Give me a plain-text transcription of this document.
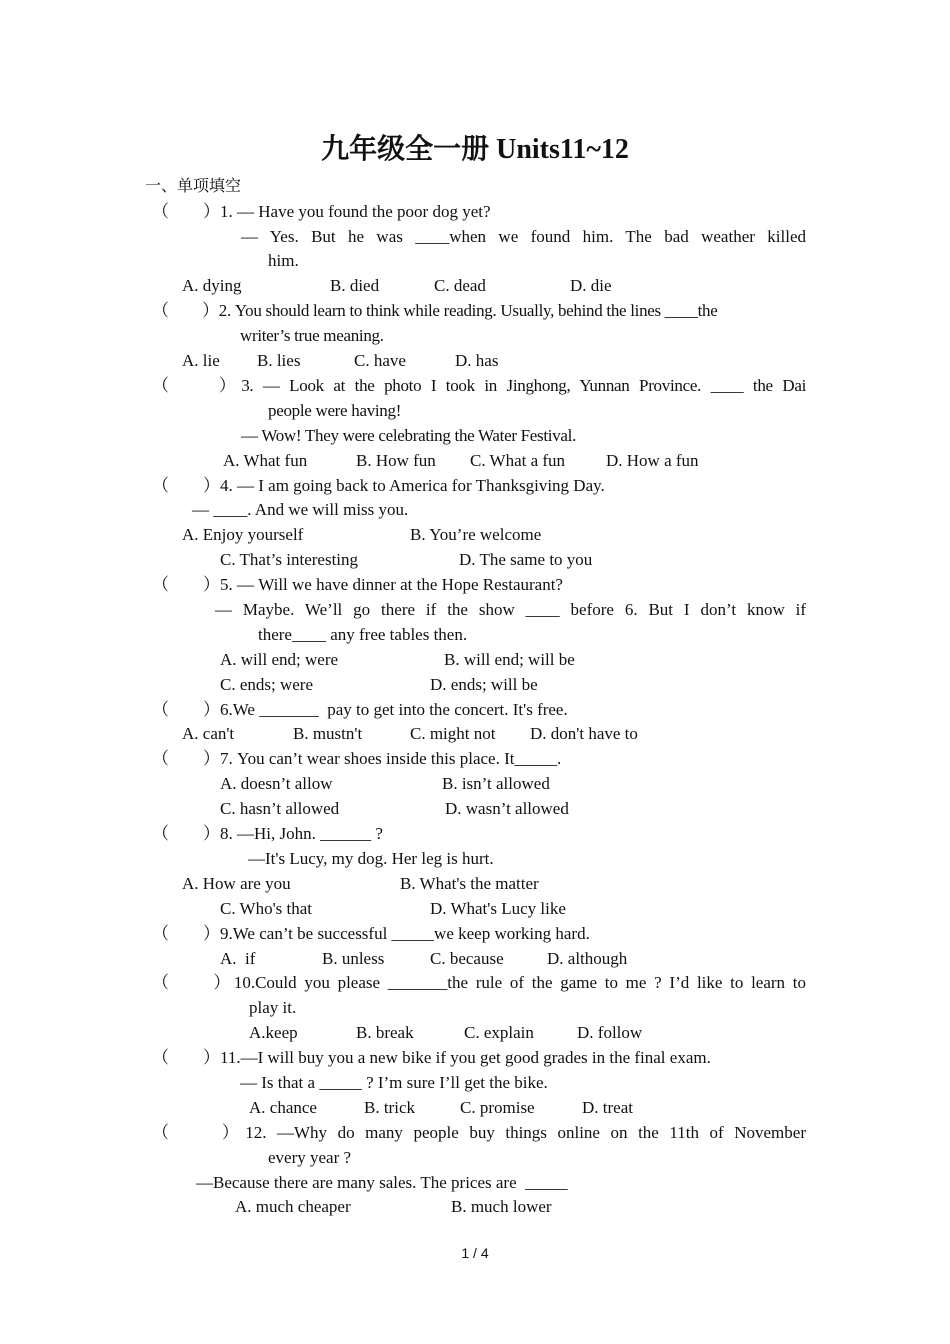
九年级全一册 Units11~12
一、单项填空
（　　）1. — Have you found the poor dog yet?
— Yes. But he was ____when we found him. The bad weather killed
him.
A. dying	B. died	C. dead	D. die
（　　）2. You should learn to think while reading. Usually, behind the lines ____the
writer’s true meaning.
A. lie B. lies	C. have	D. has
（　　）3. — Look at the photo I took in Jinghong, Yunnan Province. ____ the Dai
people were having!
— Wow! They were celebrating the Water Festival.
A. What fun	B. How fun C. What a fun D. How a fun
（　　）4. — I am going back to America for Thanksgiving Day.
— ____. And we will miss you.
A. Enjoy yourself	B. You’re welcome
C. That’s interesting	D. The same to you
（　　）5. — Will we have dinner at the Hope Restaurant?
— Maybe. We’ll go there if the show ____ before 6. But I don’t know if
there____ any free tables then.
A. will end; were	B. will end; will be
C. ends; were	D. ends; will be
（　　）6.We _______  pay to get into the concert. It's free.
A. can't	B. mustn't	C. might not D. don't have to
（　　）7. You can’t wear shoes inside this place. It_____.
A. doesn’t allow	B. isn’t allowed
C. hasn’t allowed	D. wasn’t allowed
（　　）8. —Hi, John. ______ ?
—It's Lucy, my dog. Her leg is hurt.
A. How are you	B. What's the matter
C. Who's that	D. What's Lucy like
（　　）9.We can’t be successful _____we keep working hard.
A.  if	B. unless	C. because	D. although
（　　）10.Could you please _______the rule of the game to me ? I’d like to learn to
play it.
A.keep	B. break	C. explain	D. follow
（　　）11.—I will buy you a new bike if you get good grades in the final exam.
— Is that a _____ ? I’m sure I’ll get the bike.
A. chance	B. trick	C. promise	D. treat
（　　）12. —Why do many people buy things online on the 11th of November
every year ?
—Because there are many sales. The prices are  _____
A. much cheaper	B. much lower
1 / 4
